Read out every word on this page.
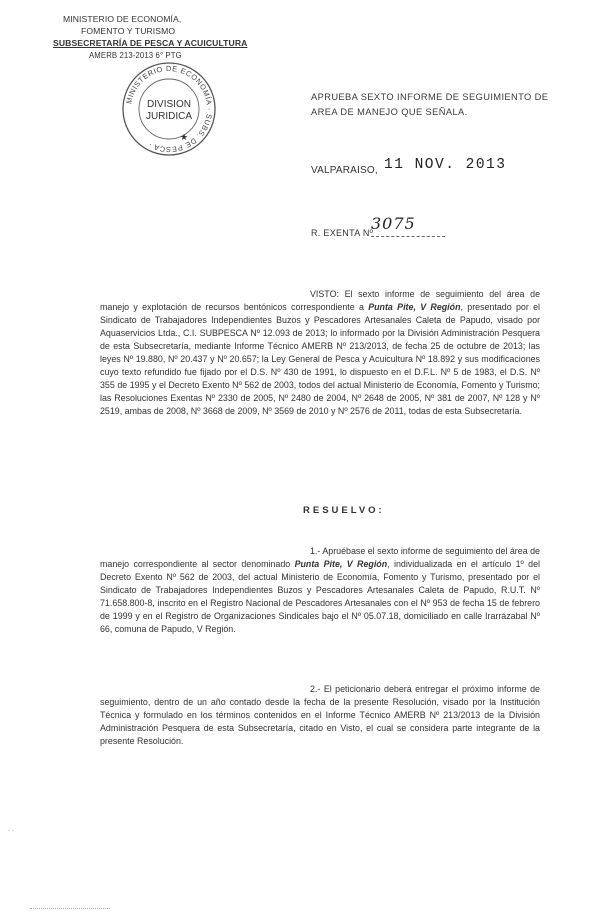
MINISTERIO DE ECONOMÍA,
FOMENTO Y TURISMO
SUBSECRETARÍA DE PESCA Y ACUICULTURA
AMERB 213-2013 6° PTG
MINISTERIO DE ECONOMÍA · SUBS. DE PESCA ·
DIVISION
JURIDICA
★
APRUEBA SEXTO INFORME DE SEGUIMIENTO DE
AREA DE MANEJO QUE SEÑALA.
VALPARAISO, 11 NOV. 2013
R. EXENTA Nº
3075
VISTO: El sexto informe de seguimiento del área de manejo y explotación de recursos bentónicos correspondiente a Punta Pite, V Región, presentado por el Sindicato de Trabajadores Independientes Buzos y Pescadores Artesanales Caleta de Papudo, visado por Aquaservicios Ltda., C.I. SUBPESCA Nº 12.093 de 2013; lo informado por la División Administración Pesquera de esta Subsecretaría, mediante Informe Técnico AMERB Nº 213/2013, de fecha 25 de octubre de 2013; las leyes Nº 19.880, Nº 20.437 y Nº 20.657; la Ley General de Pesca y Acuicultura Nº 18.892 y sus modificaciones cuyo texto refundido fue fijado por el D.S. Nº 430 de 1991, lo dispuesto en el D.F.L. Nº 5 de 1983, el D.S. Nº 355 de 1995 y el Decreto Exento Nº 562 de 2003, todos del actual Ministerio de Economía, Fomento y Turismo; las Resoluciones Exentas Nº 2330 de 2005, Nº 2480 de 2004, Nº 2648 de 2005, Nº 381 de 2007, Nº 128 y Nº 2519, ambas de 2008, Nº 3668 de 2009, Nº 3569 de 2010 y Nº 2576 de 2011, todas de esta Subsecretaría.
RESUELVO:
1.- Apruébase el sexto informe de seguimiento del área de manejo correspondiente al sector denominado Punta Pite, V Región, individualizada en el artículo 1º del Decreto Exento Nº 562 de 2003, del actual Ministerio de Economía, Fomento y Turismo, presentado por el Sindicato de Trabajadores Independientes Buzos y Pescadores Artesanales Caleta de Papudo, R.U.T. Nº 71.658.800-8, inscrito en el Registro Nacional de Pescadores Artesanales con el Nº 953 de fecha 15 de febrero de 1999 y en el Registro de Organizaciones Sindicales bajo el Nº 05.07.18, domiciliado en calle Irarrázabal Nº 66, comuna de Papudo, V Región.
2.- El peticionario deberá entregar el próximo informe de seguimiento, dentro de un año contado desde la fecha de la presente Resolución, visado por la Institución Técnica y formulado en los términos contenidos en el Informe Técnico AMERB Nº 213/2013 de la División Administración Pesquera de esta Subsecretaría, citado en Visto, el cual se considera parte integrante de la presente Resolución.
. .
